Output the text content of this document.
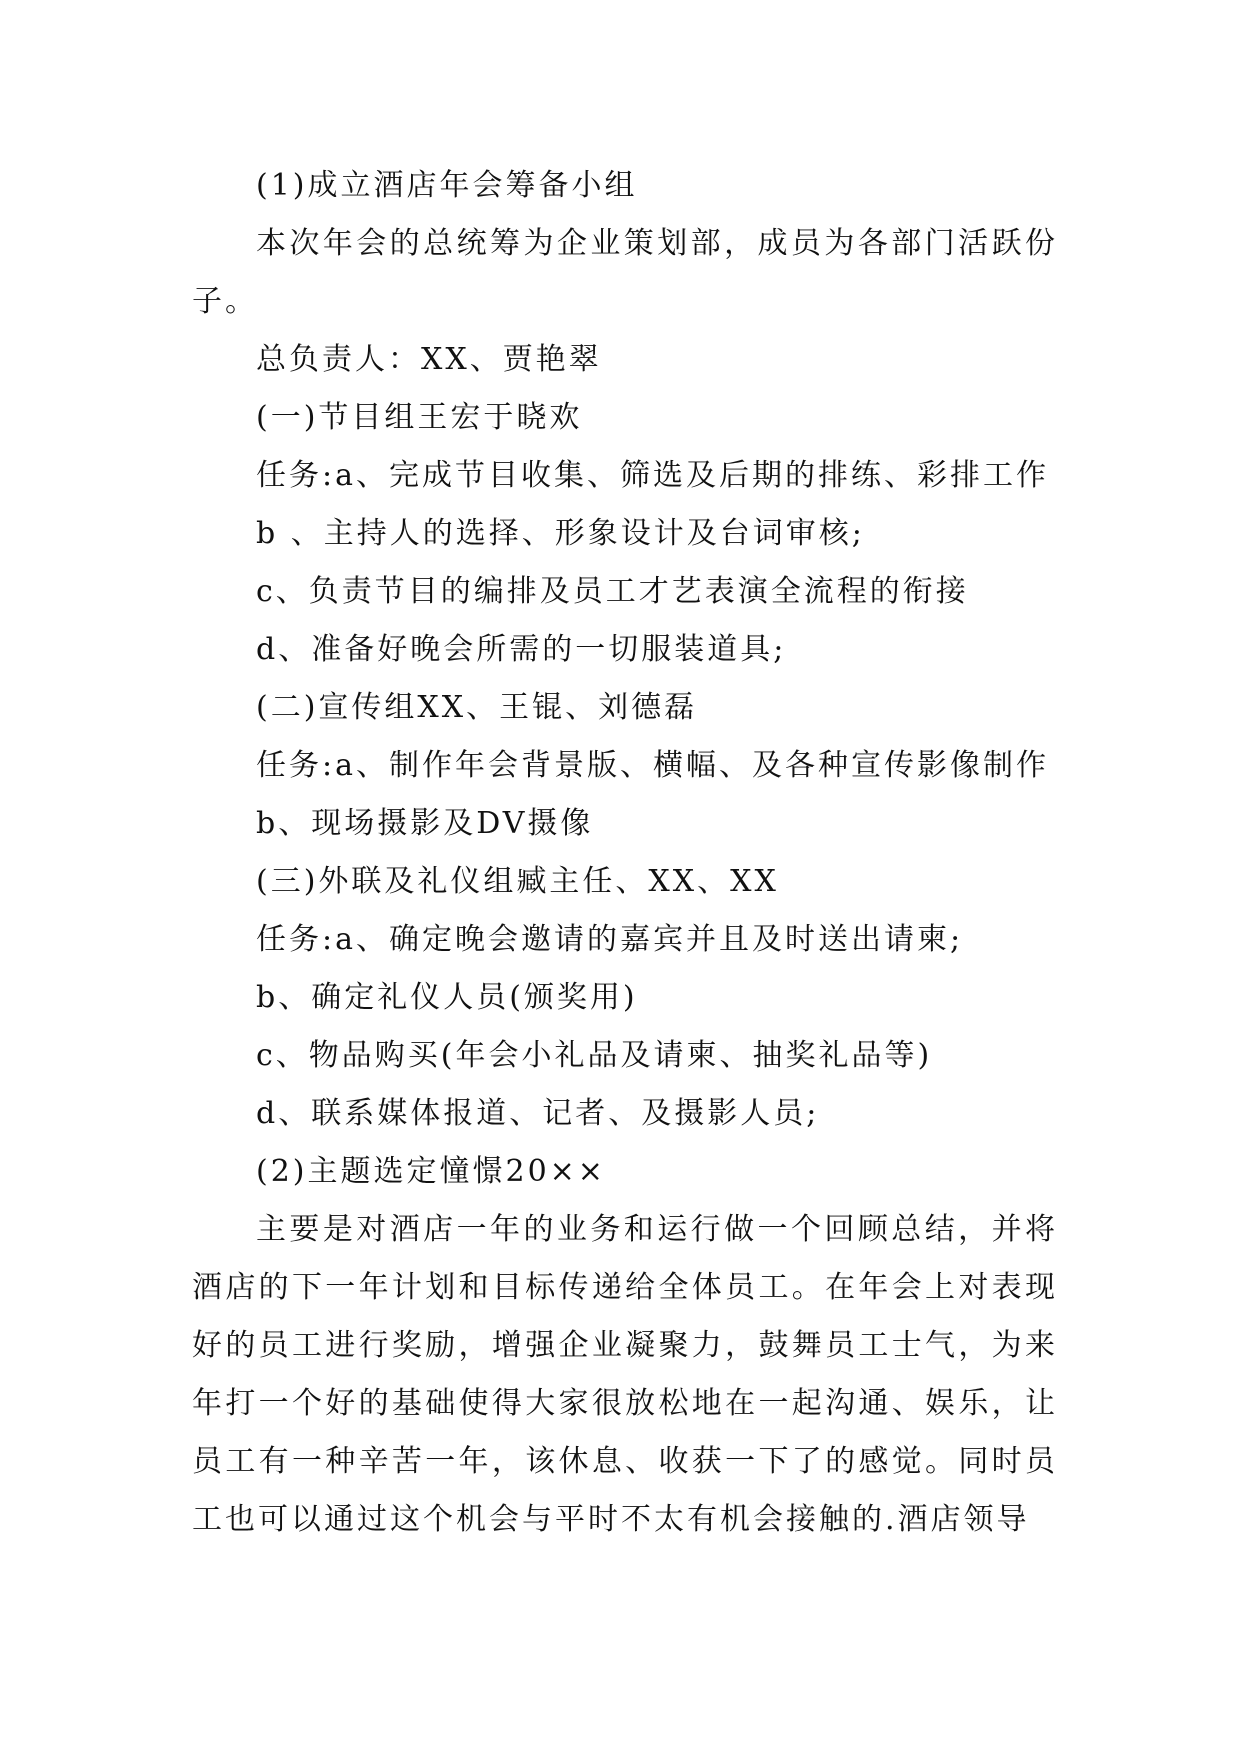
(1)成立酒店年会筹备小组

本次年会的总统筹为企业策划部，成员为各部门活跃份子。

总负责人：XX、贾艳翠

(一)节目组王宏于晓欢

任务:a、完成节目收集、筛选及后期的排练、彩排工作

b 、主持人的选择、形象设计及台词审核;

c、负责节目的编排及员工才艺表演全流程的衔接

d、准备好晚会所需的一切服装道具;

(二)宣传组XX、王锟、刘德磊

任务:a、制作年会背景版、横幅、及各种宣传影像制作

b、现场摄影及DV摄像

(三)外联及礼仪组臧主任、XX、XX

任务:a、确定晚会邀请的嘉宾并且及时送出请柬;

b、确定礼仪人员(颁奖用)

c、物品购买(年会小礼品及请柬、抽奖礼品等)

d、联系媒体报道、记者、及摄影人员;

(2)主题选定憧憬20××

主要是对酒店一年的业务和运行做一个回顾总结，并将酒店的下一年计划和目标传递给全体员工。在年会上对表现好的员工进行奖励，增强企业凝聚力，鼓舞员工士气，为来年打一个好的基础使得大家很放松地在一起沟通、娱乐，让员工有一种辛苦一年，该休息、收获一下了的感觉。同时员工也可以通过这个机会与平时不太有机会接触的.酒店领导
